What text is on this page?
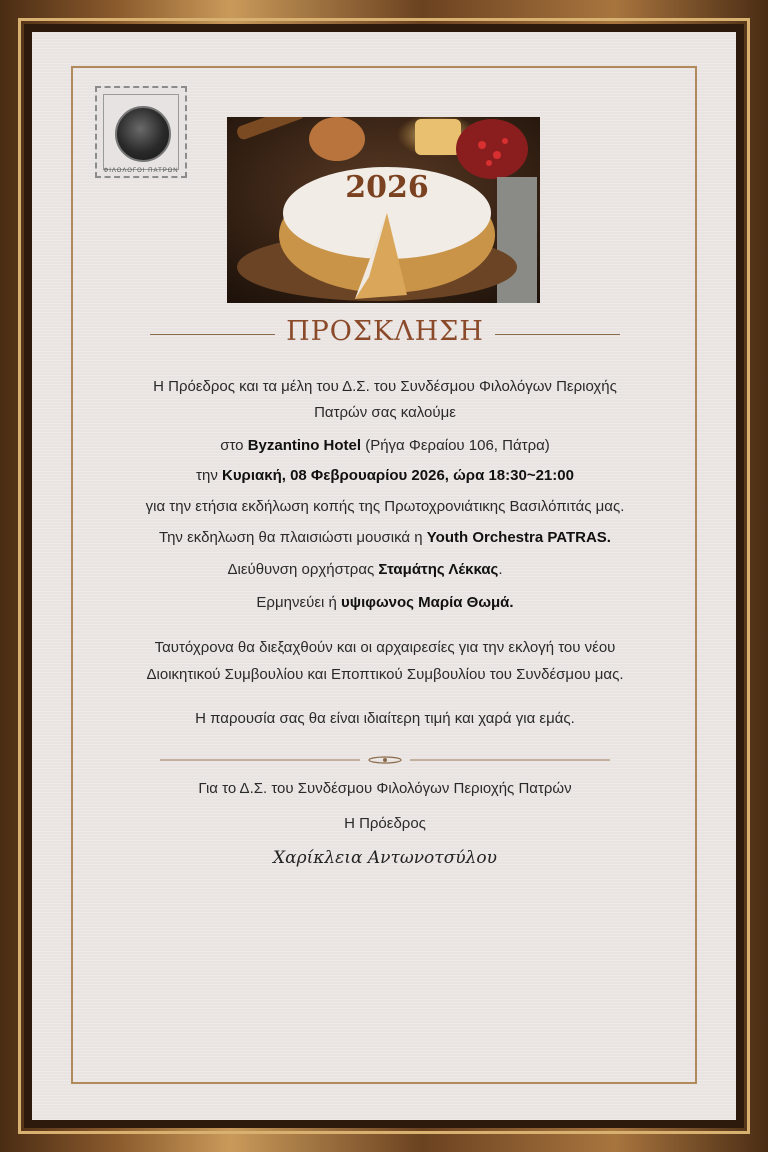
ΦΙΛΟΛΟΓΟΙ ΠΑΤΡΩΝ	2026
ΠΡΟΣΚΛΗΣΗ
Η Πρόεδρος και τα μέλη του Δ.Σ. του Συνδέσμου Φιλολόγων Περιοχής
Πατρών σας καλούμε
στο Byzantino Hotel (Ρήγα Φεραίου 106, Πάτρα)
την Κυριακή, 08 Φεβρουαρίου 2026, ώρα 18:30~21:00
για την ετήσια εκδήλωση κοπής της Πρωτοχρονιάτικης Βασιλόπιτάς μας.
Την εκδηλωση θα πλαισιώστι μουσικά η Youth Orchestra PATRAS.
Διεύθυνση ορχήστρας Σταμάτης Λέκκας.
Ερμηνεύει ή υψιφωνος Μαρία Θωμά.
Ταυτόχρονα θα διεξαχθούν και οι αρχαιρεσίες για την εκλογή του νέου
Διοικητικού Συμβουλίου και Εποπτικού Συμβουλίου του Συνδέσμου μας.
Η παρουσία σας θα είναι ιδιαίτερη τιμή και χαρά για εμάς.
Για το Δ.Σ. του Συνδέσμου Φιλολόγων Περιοχής Πατρών
Η Πρόεδρος
Χαρίκλεια Αντωνοτσύλου
